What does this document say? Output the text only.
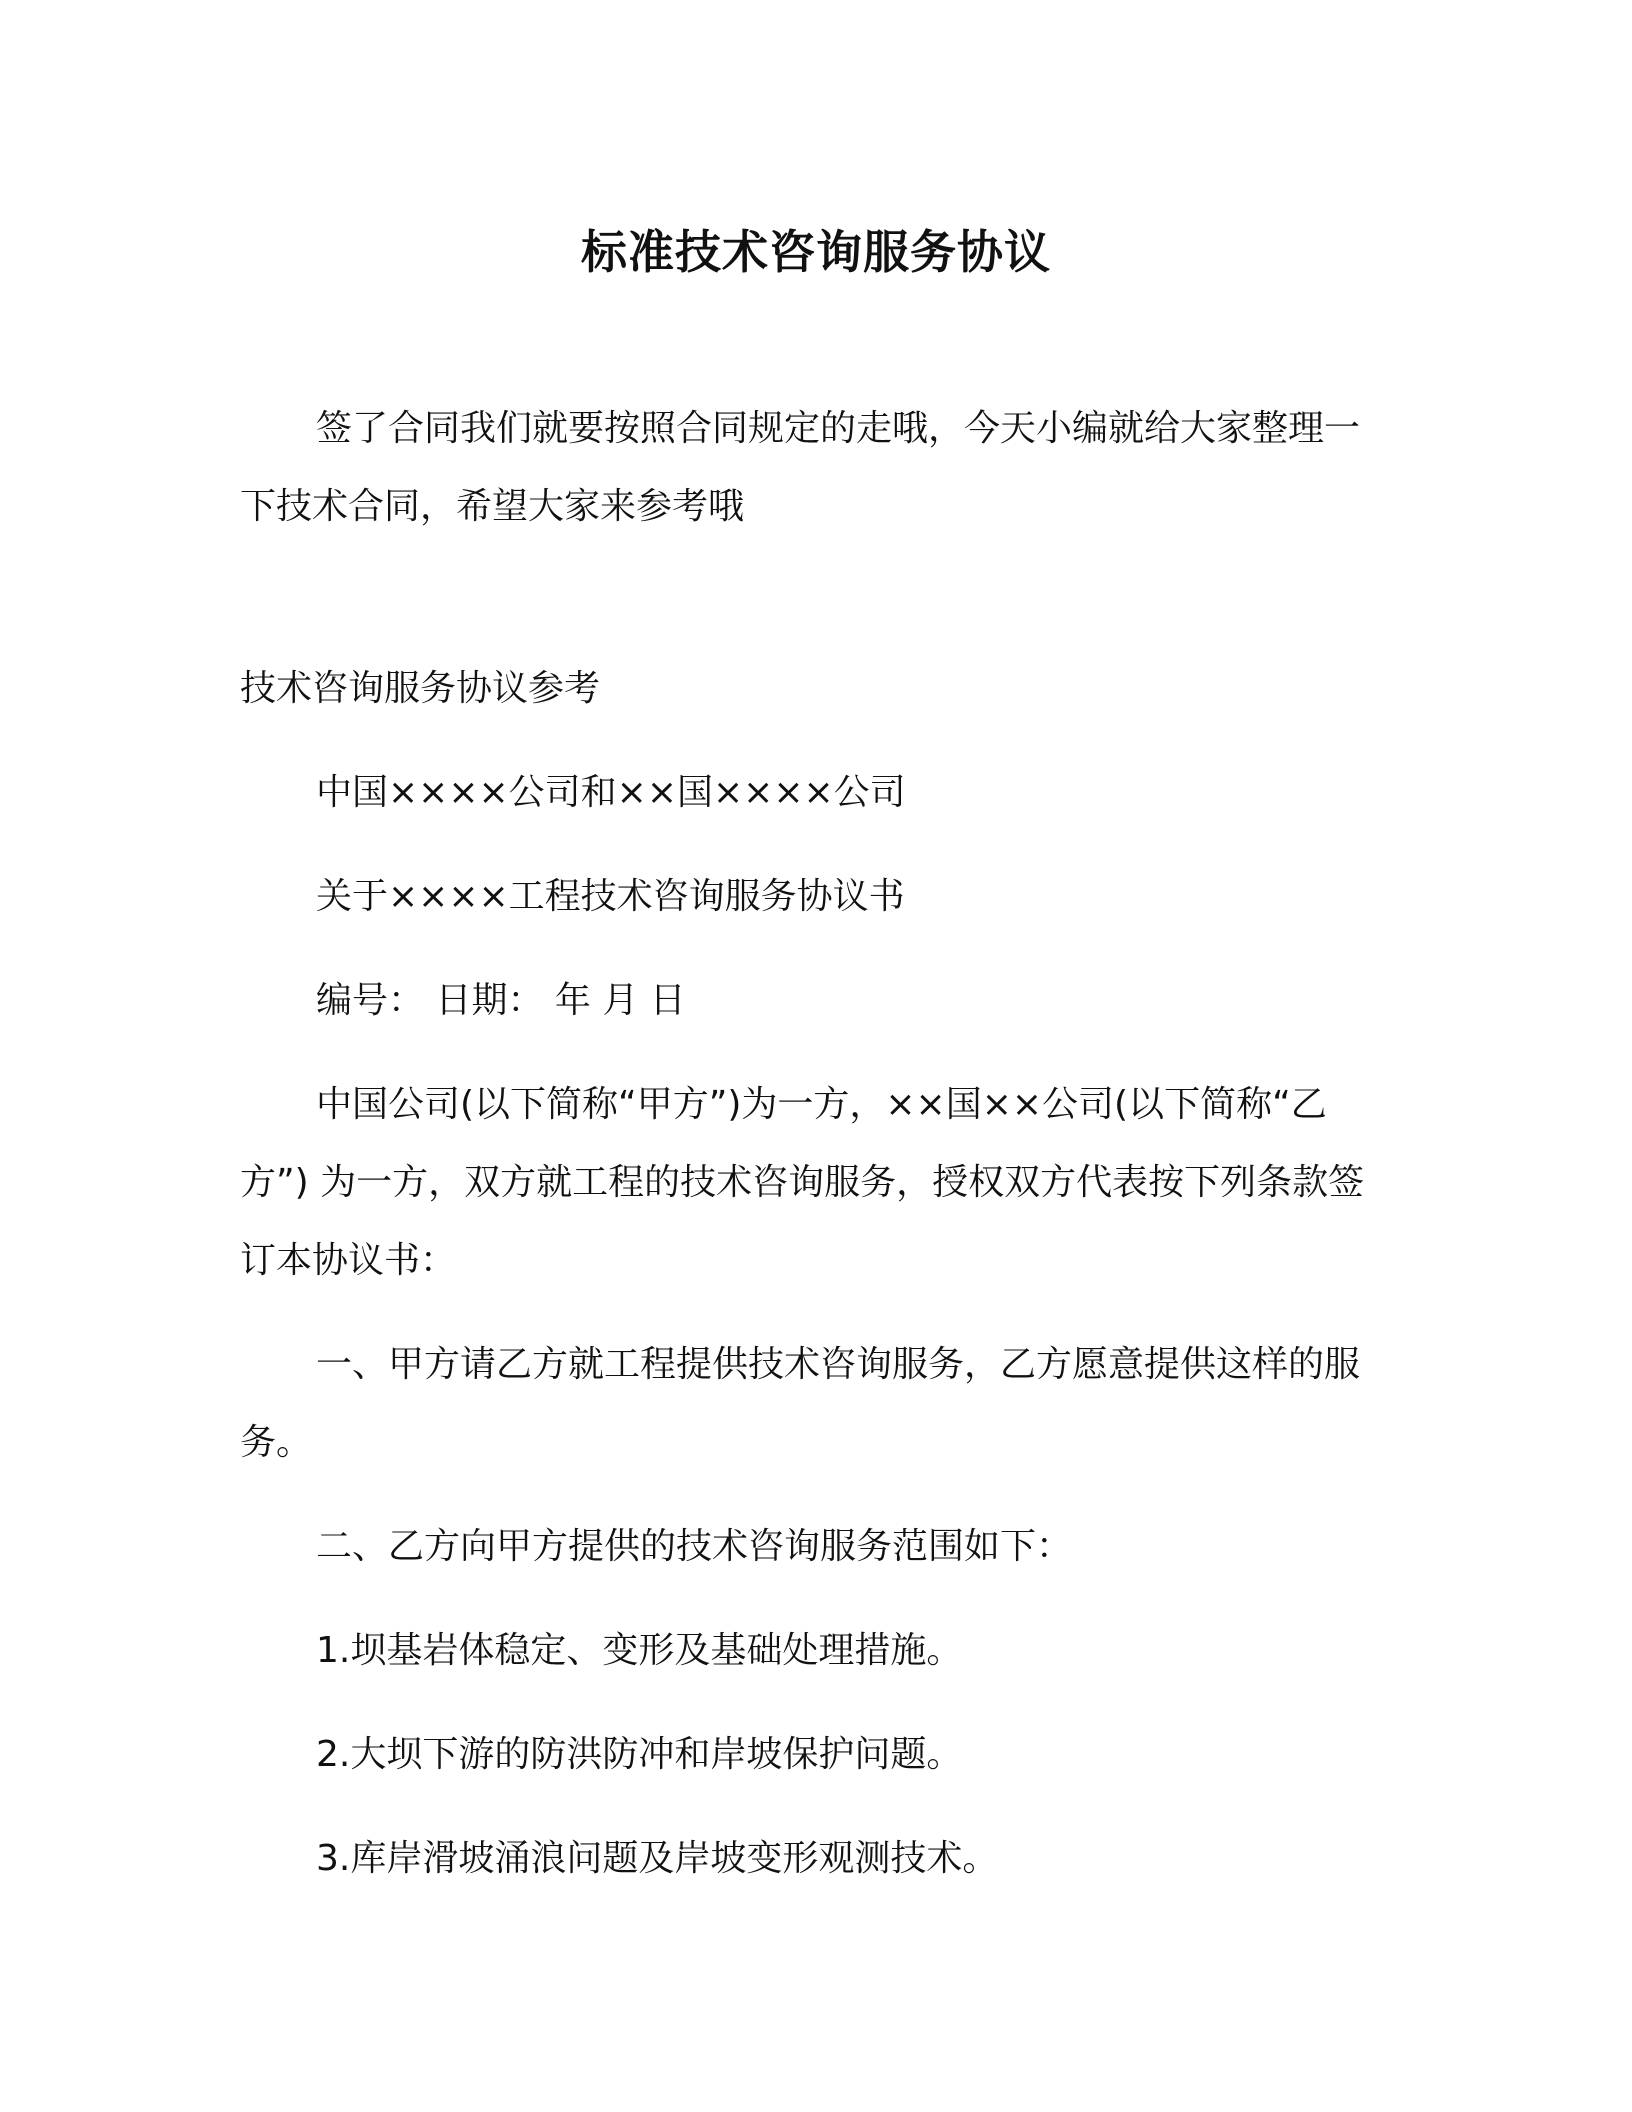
标准技术咨询服务协议

签了合同我们就要按照合同规定的走哦，今天小编就给大家整理一下技术合同，希望大家来参考哦

技术咨询服务协议参考

中国××××公司和××国××××公司

关于××××工程技术咨询服务协议书

编号： 日期： 年 月 日

中国公司(以下简称“甲方”)为一方，××国××公司(以下简称“乙方”) 为一方，双方就工程的技术咨询服务，授权双方代表按下列条款签订本协议书：

一、甲方请乙方就工程提供技术咨询服务，乙方愿意提供这样的服务。

二、乙方向甲方提供的技术咨询服务范围如下：

1.坝基岩体稳定、变形及基础处理措施。

2.大坝下游的防洪防冲和岸坡保护问题。

3.库岸滑坡涌浪问题及岸坡变形观测技术。
